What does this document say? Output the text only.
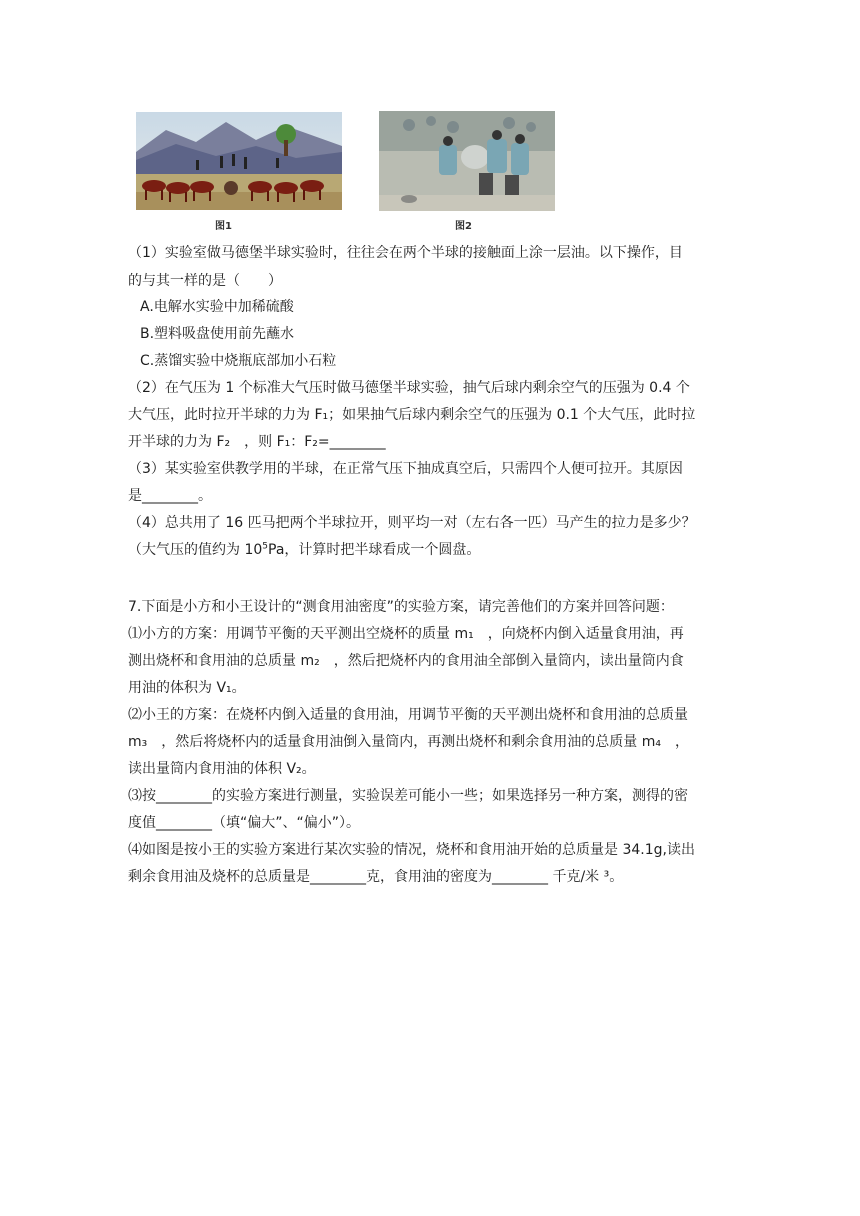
图1	图2
（1）实验室做马德堡半球实验时，往往会在两个半球的接触面上涂一层油。以下操作，目
的与其一样的是（　　）
A.电解水实验中加稀硫酸
B.塑料吸盘使用前先蘸水
C.蒸馏实验中烧瓶底部加小石粒
（2）在气压为 1 个标准大气压时做马德堡半球实验，抽气后球内剩余空气的压强为 0.4 个
大气压，此时拉开半球的力为 F₁；如果抽气后球内剩余空气的压强为 0.1 个大气压，此时拉
开半球的力为 F₂　，则 F₁：F₂=________
（3）某实验室供教学用的半球，在正常气压下抽成真空后，只需四个人便可拉开。其原因
是________。
（4）总共用了 16 匹马把两个半球拉开，则平均一对（左右各一匹）马产生的拉力是多少？
（大气压的值约为 $10^5Pa$，计算时把半球看成一个圆盘。
7.下面是小方和小王设计的“测食用油密度”的实验方案，请完善他们的方案并回答问题：
⑴小方的方案：用调节平衡的天平测出空烧杯的质量 m₁　，向烧杯内倒入适量食用油，再
测出烧杯和食用油的总质量 m₂　，然后把烧杯内的食用油全部倒入量筒内，读出量筒内食
用油的体积为 V₁。
⑵小王的方案：在烧杯内倒入适量的食用油，用调节平衡的天平测出烧杯和食用油的总质量
m₃　，然后将烧杯内的适量食用油倒入量筒内，再测出烧杯和剩余食用油的总质量 m₄　，
读出量筒内食用油的体积 V₂。
⑶按________的实验方案进行测量，实验误差可能小一些；如果选择另一种方案，测得的密
度值________（填“偏大”、“偏小”）。
⑷如图是按小王的实验方案进行某次实验的情况，烧杯和食用油开始的总质量是 34.1g,读出
剩余食用油及烧杯的总质量是________克，食用油的密度为________ 千克/米 ³。
